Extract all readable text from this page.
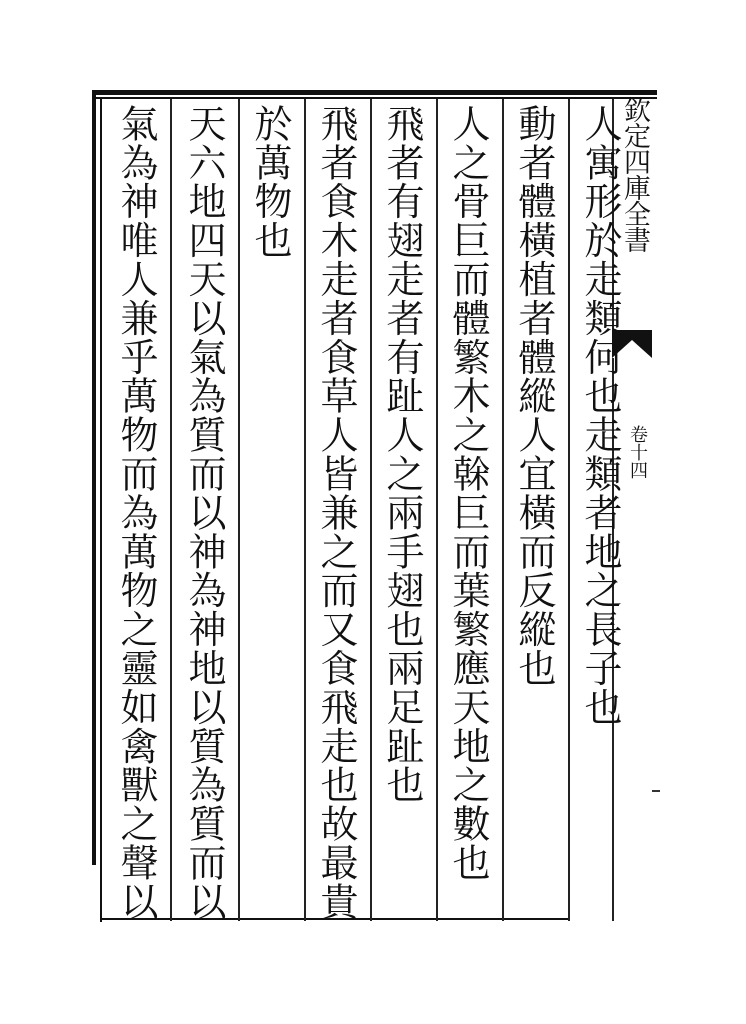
欽定四庫全書
卷十四
人寓形於走類何也走類者地之長子也
動者體橫植者體縱人宜橫而反縱也
人之骨巨而體繁木之榦巨而葉繁應天地之數也
飛者有翅走者有趾人之兩手翅也兩足趾也
飛者食木走者食草人皆兼之而又食飛走也故最貴
於萬物也
天六地四天以氣為質而以神為神地以質為質而以
氣為神唯人兼乎萬物而為萬物之靈如禽獸之聲以
